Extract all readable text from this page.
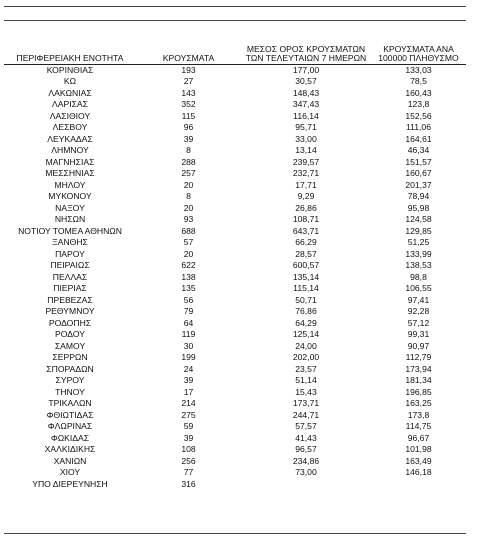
ΠΕΡΙΦΕΡΕΙΑΚΗ ΕΝΟΤΗΤΑ	ΚΡΟΥΣΜΑΤΑ	ΜΕΣΟΣ ΟΡΟΣ ΚΡΟΥΣΜΑΤΩΝ ΤΩΝ ΤΕΛΕΥΤΑΙΩΝ 7 ΗΜΕΡΩΝ	ΚΡΟΥΣΜΑΤΑ ΑΝΑ 100000 ΠΛΗΘΥΣΜΟ
ΚΟΡΙΝΘΙΑΣ	193	177,00	133,03
ΚΩ	27	30,57	78,5
ΛΑΚΩΝΙΑΣ	143	148,43	160,43
ΛΑΡΙΣΑΣ	352	347,43	123,8
ΛΑΣΙΘΙΟΥ	115	116,14	152,56
ΛΕΣΒΟΥ	96	95,71	111,06
ΛΕΥΚΑΔΑΣ	39	33,00	164,61
ΛΗΜΝΟΥ	8	13,14	46,34
ΜΑΓΝΗΣΙΑΣ	288	239,57	151,57
ΜΕΣΣΗΝΙΑΣ	257	232,71	160,67
ΜΗΛΟΥ	20	17,71	201,37
ΜΥΚΟΝΟΥ	8	9,29	78,94
ΝΑΞΟΥ	20	26,86	95,98
ΝΗΣΩΝ	93	108,71	124,58
ΝΟΤΙΟΥ ΤΟΜΕΑ ΑΘΗΝΩΝ	688	643,71	129,85
ΞΑΝΘΗΣ	57	66,29	51,25
ΠΑΡΟΥ	20	28,57	133,99
ΠΕΙΡΑΙΩΣ	622	600,57	138,53
ΠΕΛΛΑΣ	138	135,14	98,8
ΠΙΕΡΙΑΣ	135	115,14	106,55
ΠΡΕΒΕΖΑΣ	56	50,71	97,41
ΡΕΘΥΜΝΟΥ	79	76,86	92,28
ΡΟΔΟΠΗΣ	64	64,29	57,12
ΡΟΔΟΥ	119	125,14	99,31
ΣΑΜΟΥ	30	24,00	90,97
ΣΕΡΡΩΝ	199	202,00	112,79
ΣΠΟΡΑΔΩΝ	24	23,57	173,94
ΣΥΡΟΥ	39	51,14	181,34
ΤΗΝΟΥ	17	15,43	196,85
ΤΡΙΚΑΛΩΝ	214	173,71	163,25
ΦΘΙΩΤΙΔΑΣ	275	244,71	173,8
ΦΛΩΡΙΝΑΣ	59	57,57	114,75
ΦΩΚΙΔΑΣ	39	41,43	96,67
ΧΑΛΚΙΔΙΚΗΣ	108	96,57	101,98
ΧΑΝΙΩΝ	256	234,86	163,49
ΧΙΟΥ	77	73,00	146,18
ΥΠΟ ΔΙΕΡΕΥΝΗΣΗ	316		
